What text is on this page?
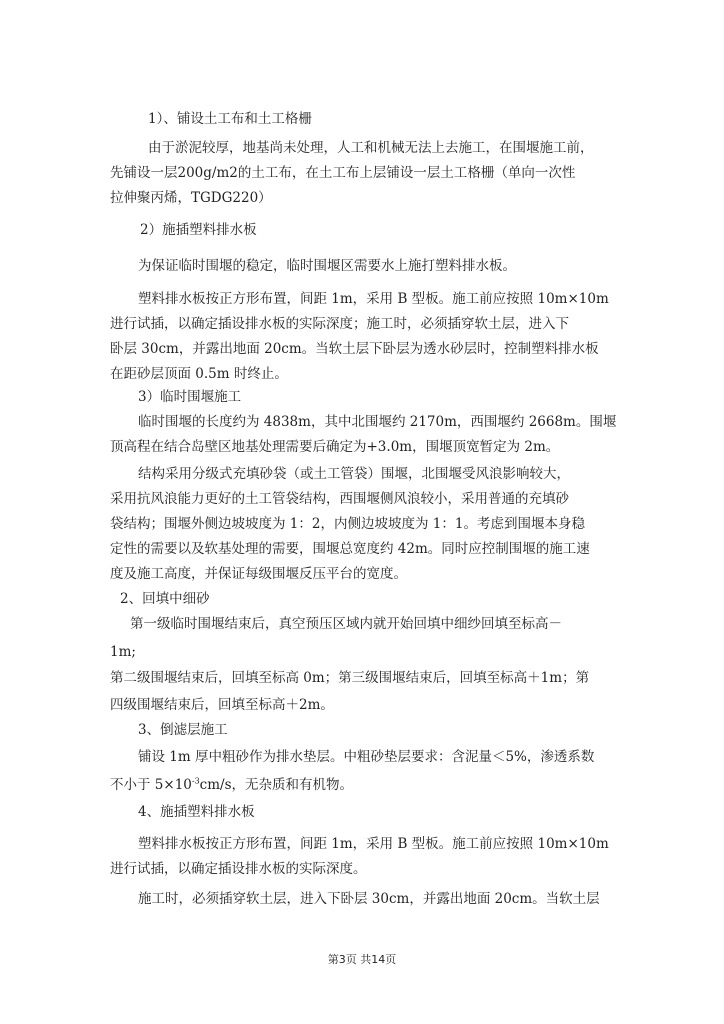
1）、铺设土工布和土工格栅

由于淤泥较厚，地基尚未处理，人工和机械无法上去施工，在围堰施工前，
先铺设一层200g/m2的土工布，在土工布上层铺设一层土工格栅（单向一次性
拉伸聚丙烯，TGDG220）

2）施插塑料排水板

为保证临时围堰的稳定，临时围堰区需要水上施打塑料排水板。

塑料排水板按正方形布置，间距 1m，采用 B 型板。施工前应按照 10m×10m
进行试插，以确定插设排水板的实际深度；施工时，必须插穿软土层，进入下
卧层 30cm，并露出地面 20cm。当软土层下卧层为透水砂层时，控制塑料排水板
在距砂层顶面 0.5m 时终止。

3）临时围堰施工

临时围堰的长度约为 4838m，其中北围堰约 2170m，西围堰约 2668m。围堰
顶高程在结合岛壁区地基处理需要后确定为+3.0m，围堰顶宽暂定为 2m。

结构采用分级式充填砂袋（或土工管袋）围堰，北围堰受风浪影响较大，
采用抗风浪能力更好的土工管袋结构，西围堰侧风浪较小，采用普通的充填砂
袋结构；围堰外侧边坡坡度为 1：2，内侧边坡坡度为 1：1。考虑到围堰本身稳
定性的需要以及软基处理的需要，围堰总宽度约 42m。同时应控制围堰的施工速
度及施工高度，并保证每级围堰反压平台的宽度。

2、回填中细砂

第一级临时围堰结束后，真空预压区域内就开始回填中细纱回填至标高－

1m;

第二级围堰结束后，回填至标高 0m；第三级围堰结束后，回填至标高＋1m；第

四级围堰结束后，回填至标高＋2m。

3、倒滤层施工

铺设 1m 厚中粗砂作为排水垫层。中粗砂垫层要求：含泥量＜5%，渗透系数

不小于 $5\times 10^{-3}cm/s$，无杂质和有机物。

4、施插塑料排水板

塑料排水板按正方形布置，间距 1m，采用 B 型板。施工前应按照 10m×10m
进行试插，以确定插设排水板的实际深度。

施工时，必须插穿软土层，进入下卧层 30cm，并露出地面 20cm。当软土层

第3页 共14页
